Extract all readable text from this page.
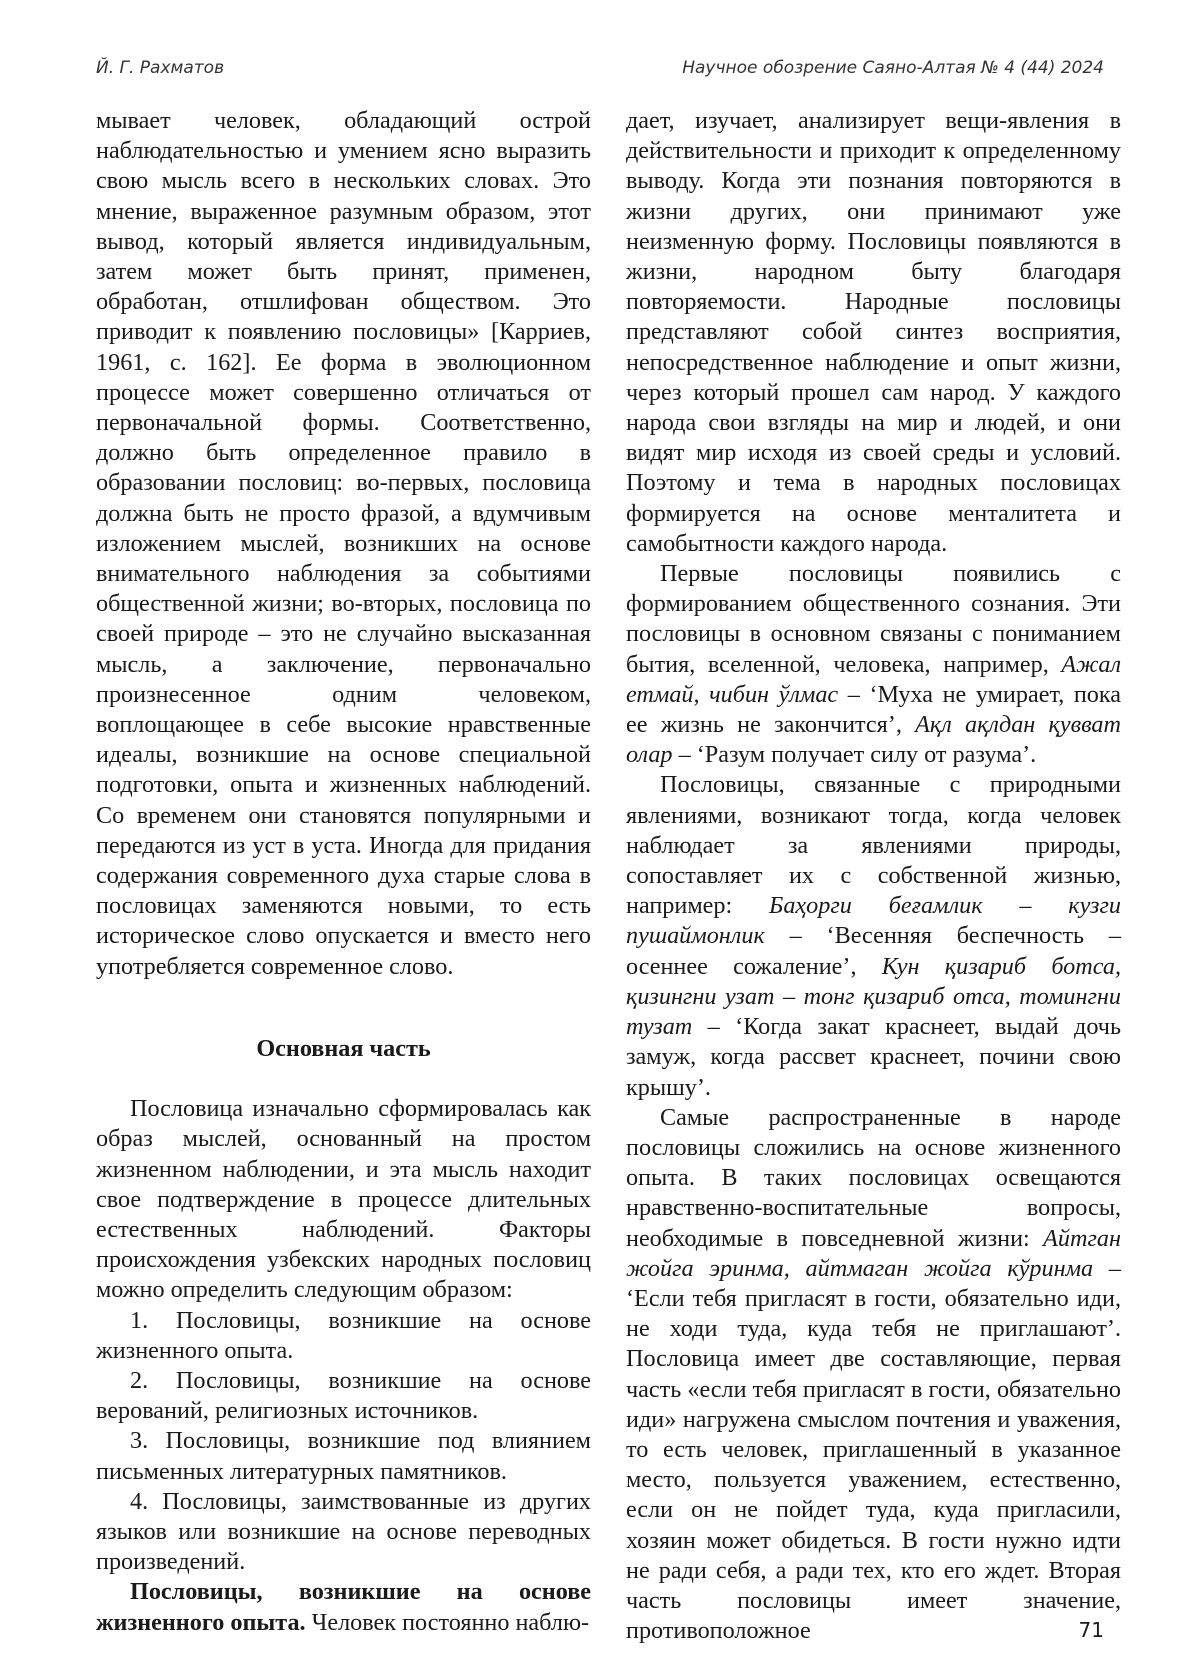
Й. Г. Рахматов	Научное обозрение Саяно-Алтая № 4 (44) 2024

мывает человек, обладающий острой наблюдательностью и умением ясно выразить свою мысль всего в нескольких словах. Это мнение, выраженное разумным образом, этот вывод, который является индивидуальным, затем может быть принят, применен, обработан, отшлифован обществом. Это приводит к появлению пословицы» [Карриев, 1961, с. 162]. Ее форма в эволюционном процессе может совершенно отличаться от первоначальной формы. Соответственно, должно быть определенное правило в образовании пословиц: во-первых, пословица должна быть не просто фразой, а вдумчивым изложением мыслей, возникших на основе внимательного наблюдения за событиями общественной жизни; во-вторых, пословица по своей природе – это не случайно высказанная мысль, а заключение, первоначально произнесенное одним человеком, воплощающее в себе высокие нравственные идеалы, возникшие на основе специальной подготовки, опыта и жизненных наблюдений. Со временем они становятся популярными и передаются из уст в уста. Иногда для придания содержания современного духа старые слова в пословицах заменяются новыми, то есть историческое слово опускается и вместо него употребляется современное слово.

Основная часть

Пословица изначально сформировалась как образ мыслей, основанный на простом жизненном наблюдении, и эта мысль находит свое подтверждение в процессе длительных естественных наблюдений. Факторы происхождения узбекских народных пословиц можно определить следующим образом:

1. Пословицы, возникшие на основе жизненного опыта.

2. Пословицы, возникшие на основе верований, религиозных источников.

3. Пословицы, возникшие под влиянием письменных литературных памятников.

4. Пословицы, заимствованные из других языков или возникшие на основе переводных произведений.

Пословицы, возникшие на основе жизненного опыта. Человек постоянно наблю-

дает, изучает, анализирует вещи-явления в действительности и приходит к определенному выводу. Когда эти познания повторяются в жизни других, они принимают уже неизменную форму. Пословицы появляются в жизни, народном быту благодаря повторяемости. Народные пословицы представляют собой синтез восприятия, непосредственное наблюдение и опыт жизни, через который прошел сам народ. У каждого народа свои взгляды на мир и людей, и они видят мир исходя из своей среды и условий. Поэтому и тема в народных пословицах формируется на основе менталитета и самобытности каждого народа.

Первые пословицы появились с формированием общественного сознания. Эти пословицы в основном связаны с пониманием бытия, вселенной, человека, например, Ажал етмай, чибин ўлмас – ‘Муха не умирает, пока ее жизнь не закончится’, Ақл ақлдан қувват олар – ‘Разум получает силу от разума’.

Пословицы, связанные с природными явлениями, возникают тогда, когда человек наблюдает за явлениями природы, сопоставляет их с собственной жизнью, например: Баҳорги беғамлик – кузги пушаймонлик – ‘Весенняя беспечность – осеннее сожаление’, Кун қизариб ботса, қизингни узат – тонг қизариб отса, томингни тузат – ‘Когда закат краснеет, выдай дочь замуж, когда рассвет краснеет, почини свою крышу’.

Самые распространенные в народе пословицы сложились на основе жизненного опыта. В таких пословицах освещаются нравственно-воспитательные вопросы, необходимые в повседневной жизни: Айтган жойга эринма, айтмаган жойга кўринма – ‘Если тебя пригласят в гости, обязательно иди, не ходи туда, куда тебя не приглашают’. Пословица имеет две составляющие, первая часть «если тебя пригласят в гости, обязательно иди» нагружена смыслом почтения и уважения, то есть человек, приглашенный в указанное место, пользуется уважением, естественно, если он не пойдет туда, куда пригласили, хозяин может обидеться. В гости нужно идти не ради себя, а ради тех, кто его ждет. Вторая часть пословицы имеет значение, противоположное	71
